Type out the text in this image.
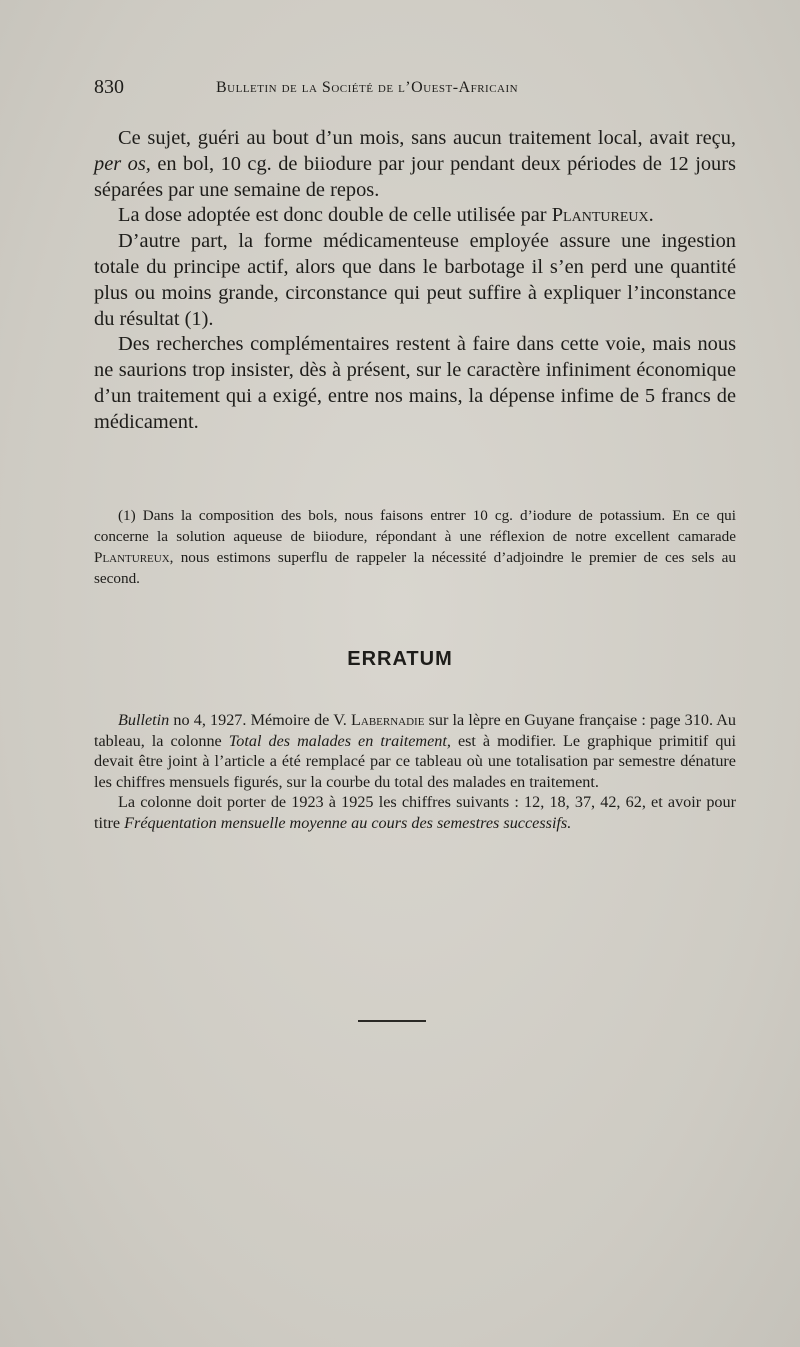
830	Bulletin de la Société de l’Ouest-Africain

Ce sujet, guéri au bout d’un mois, sans aucun traitement local, avait reçu, per os, en bol, 10 cg. de biiodure par jour pendant deux périodes de 12 jours séparées par une semaine de repos.

La dose adoptée est donc double de celle utilisée par Plantureux.

D’autre part, la forme médicamenteuse employée assure une ingestion totale du principe actif, alors que dans le barbotage il s’en perd une quantité plus ou moins grande, circonstance qui peut suffire à expliquer l’inconstance du résultat (1).

Des recherches complémentaires restent à faire dans cette voie, mais nous ne saurions trop insister, dès à présent, sur le caractère infiniment économique d’un traitement qui a exigé, entre nos mains, la dépense infime de 5 francs de médicament.

(1) Dans la composition des bols, nous faisons entrer 10 cg. d’iodure de potassium. En ce qui concerne la solution aqueuse de biiodure, répondant à une réflexion de notre excellent camarade Plantureux, nous estimons superflu de rappeler la nécessité d’adjoindre le premier de ces sels au second.

ERRATUM

Bulletin no 4, 1927. Mémoire de V. Labernadie sur la lèpre en Guyane française : page 310. Au tableau, la colonne Total des malades en traitement, est à modifier. Le graphique primitif qui devait être joint à l’article a été remplacé par ce tableau où une totalisation par semestre dénature les chiffres mensuels figurés, sur la courbe du total des malades en traitement.

La colonne doit porter de 1923 à 1925 les chiffres suivants : 12, 18, 37, 42, 62, et avoir pour titre Fréquentation mensuelle moyenne au cours des semestres successifs.
